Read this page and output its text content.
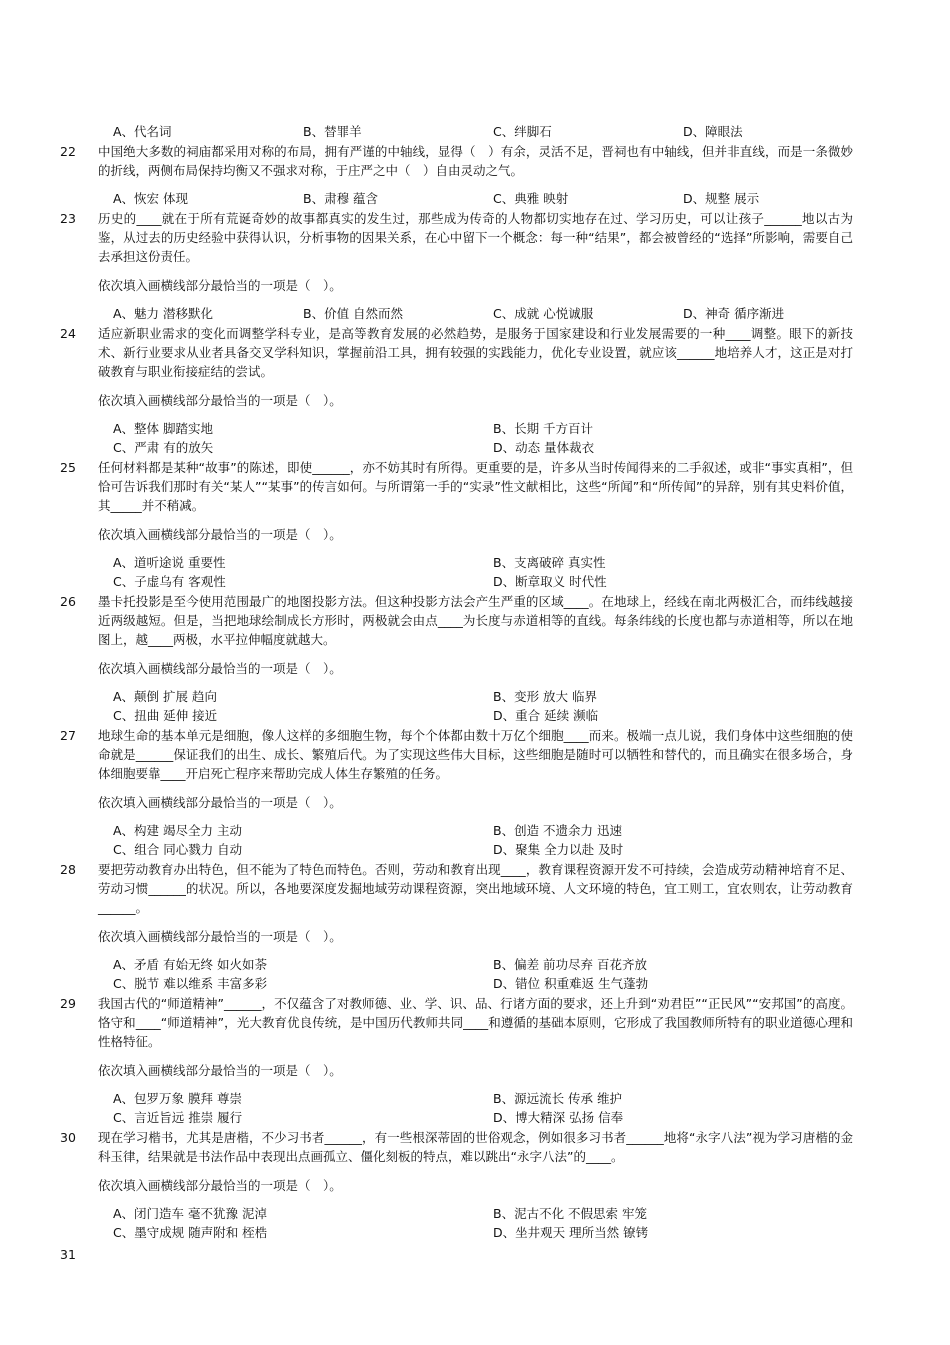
A、代名词	B、替罪羊	C、绊脚石	D、障眼法
22	中国绝大多数的祠庙都采用对称的布局，拥有严谨的中轴线，显得（　）有余，灵活不足，晋祠也有中轴线，但并非直线，而是一条微妙的折线，两侧布局保持均衡又不强求对称，于庄严之中（　）自由灵动之气。
A、恢宏 体现	B、肃穆 蕴含	C、典雅 映射	D、规整 展示
23	历史的____就在于所有荒诞奇妙的故事都真实的发生过，那些成为传奇的人物都切实地存在过、学习历史，可以让孩子______地以古为鉴，从过去的历史经验中获得认识，分析事物的因果关系，在心中留下一个概念：每一种“结果”，都会被曾经的“选择”所影响，需要自己去承担这份责任。
依次填入画横线部分最恰当的一项是（　）。
A、魅力 潜移默化	B、价值 自然而然	C、成就 心悦诚服	D、神奇 循序渐进
24	适应新职业需求的变化而调整学科专业，是高等教育发展的必然趋势，是服务于国家建设和行业发展需要的一种____调整。眼下的新技术、新行业要求从业者具备交叉学科知识，掌握前沿工具，拥有较强的实践能力，优化专业设置，就应该______地培养人才，这正是对打破教育与职业衔接症结的尝试。
依次填入画横线部分最恰当的一项是（　）。
A、整体 脚踏实地	B、长期 千方百计
C、严肃 有的放矢	D、动态 量体裁衣
25	任何材料都是某种“故事”的陈述，即使______，亦不妨其时有所得。更重要的是，许多从当时传闻得来的二手叙述，或非“事实真相”，但恰可告诉我们那时有关“某人”“某事”的传言如何。与所谓第一手的“实录”性文献相比，这些“所闻”和“所传闻”的异辞，别有其史料价值，其_____并不稍减。
依次填入画横线部分最恰当的一项是（　）。
A、道听途说 重要性	B、支离破碎 真实性
C、子虚乌有 客观性	D、断章取义 时代性
26	墨卡托投影是至今使用范围最广的地图投影方法。但这种投影方法会产生严重的区域____。在地球上，经线在南北两极汇合，而纬线越接近两级越短。但是，当把地球绘制成长方形时，两极就会由点____为长度与赤道相等的直线。每条纬线的长度也都与赤道相等，所以在地图上，越____两极，水平拉伸幅度就越大。
依次填入画横线部分最恰当的一项是（　）。
A、颠倒 扩展 趋向	B、变形 放大 临界
C、扭曲 延伸 接近	D、重合 延续 濒临
27	地球生命的基本单元是细胞，像人这样的多细胞生物，每个个体都由数十万亿个细胞____而来。极端一点儿说，我们身体中这些细胞的使命就是______保证我们的出生、成长、繁殖后代。为了实现这些伟大目标，这些细胞是随时可以牺牲和替代的，而且确实在很多场合，身体细胞要靠____开启死亡程序来帮助完成人体生存繁殖的任务。
依次填入画横线部分最恰当的一项是（　）。
A、构建 竭尽全力 主动	B、创造 不遗余力 迅速
C、组合 同心戮力 自动	D、聚集 全力以赴 及时
28	要把劳动教育办出特色，但不能为了特色而特色。否则，劳动和教育出现____，教育课程资源开发不可持续，会造成劳动精神培育不足、劳动习惯______的状况。所以，各地要深度发掘地域劳动课程资源，突出地域环境、人文环境的特色，宜工则工，宜农则农，让劳动教育______。
依次填入画横线部分最恰当的一项是（　）。
A、矛盾 有始无终 如火如荼	B、偏差 前功尽弃 百花齐放
C、脱节 难以维系 丰富多彩	D、错位 积重难返 生气蓬勃
29	我国古代的“师道精神”______，不仅蕴含了对教师德、业、学、识、品、行诸方面的要求，还上升到“劝君臣”“正民风”“安邦国”的高度。恪守和____“师道精神”，光大教育优良传统，是中国历代教师共同____和遵循的基础本原则，它形成了我国教师所特有的职业道德心理和性格特征。
依次填入画横线部分最恰当的一项是（　）。
A、包罗万象 膜拜 尊崇	B、源远流长 传承 维护
C、言近旨远 推崇 履行	D、博大精深 弘扬 信奉
30	现在学习楷书，尤其是唐楷，不少习书者______，有一些根深蒂固的世俗观念，例如很多习书者______地将“永字八法”视为学习唐楷的金科玉律，结果就是书法作品中表现出点画孤立、僵化刻板的特点，难以跳出“永字八法”的____。
依次填入画横线部分最恰当的一项是（　）。
A、闭门造车 毫不犹豫 泥淖	B、泥古不化 不假思索 牢笼
C、墨守成规 随声附和 桎梏	D、坐井观天 理所当然 镣铐
31
